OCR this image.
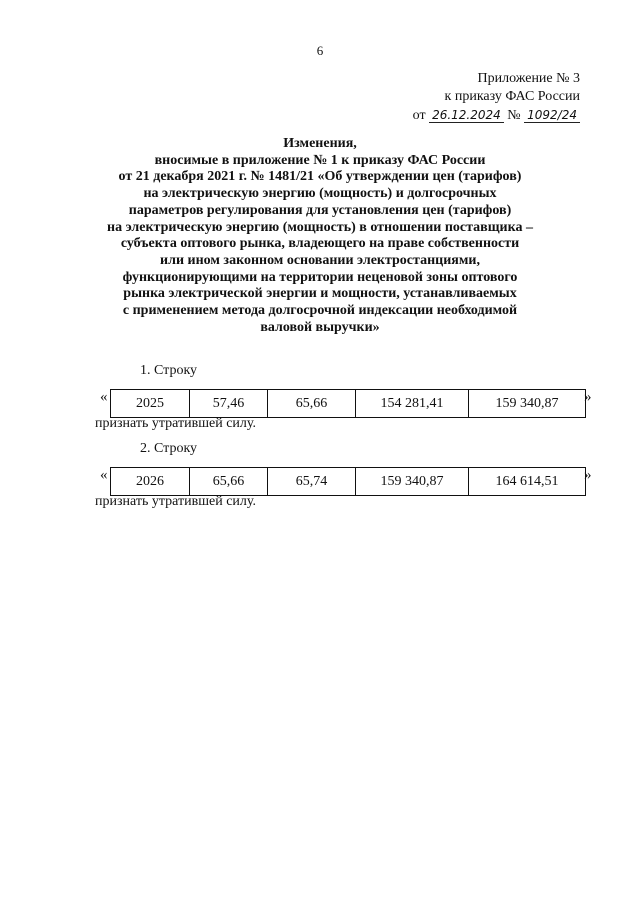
6
Приложение № 3
к приказу ФАС России
от 26.12.2024 № 1092/24
Изменения,
вносимые в приложение № 1 к приказу ФАС России
от 21 декабря 2021 г. № 1481/21 «Об утверждении цен (тарифов)
на электрическую энергию (мощность) и долгосрочных
параметров регулирования для установления цен (тарифов)
на электрическую энергию (мощность) в отношении поставщика –
субъекта оптового рынка, владеющего на праве собственности
или ином законном основании электростанциями,
функционирующими на территории неценовой зоны оптового
рынка электрической энергии и мощности, устанавливаемых
с применением метода долгосрочной индексации необходимой
валовой выручки»
1. Строку
« 2025	57,46	65,66	154 281,41	159 340,87 »
признать утратившей силу.
2. Строку
« 2026	65,66	65,74	159 340,87	164 614,51 »
признать утратившей силу.
